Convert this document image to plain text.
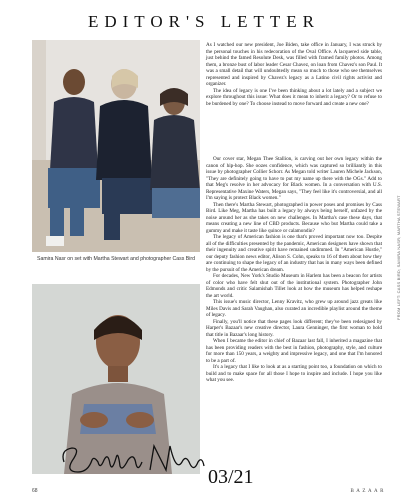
EDITOR'S LETTER
Samira Nasr on set with Martha Stewart and photographer Cass Bird

As I watched our new president, Joe Biden, take office in January, I was struck by the personal touches in his redecoration of the Oval Office. A lacquered side table, just behind the famed Resolute Desk, was filled with framed family photos. Among them, a bronze bust of labor leader Cesar Chavez, on loan from Chavez's son Paul. It was a small detail that will undoubtedly mean so much to those who see themselves represented and inspired by Chavez's legacy as a Latino civil rights activist and organizer.

The idea of legacy is one I've been thinking about a lot lately and a subject we explore throughout this issue: What does it mean to inherit a legacy? Or to refuse to be burdened by one? To choose instead to move forward and create a new one?

Our cover star, Megan Thee Stallion, is carving out her own legacy within the canon of hip-hop. She oozes confidence, which was captured so brilliantly in this issue by photographer Collier Schorr. As Megan told writer Lauren Michele Jackson, "They are definitely going to have to put my name up there with the OGs." Add to that Meg's resolve in her advocacy for Black women. In a conversation with U.S. Representative Maxine Waters, Megan says, "They feel like it's controversial, and all I'm saying is protect Black women."

Then there's Martha Stewart, photographed in power poses and promises by Cass Bird. Like Meg, Martha has built a legacy by always being herself, unfazed by the noise around her as she takes on new challenges. In Martha's case these days, that means creating a new line of CBD products. Because who but Martha could take a gummy and make it taste like quince or calamondin?

The legacy of American fashion is one that's proved important now too. Despite all of the difficulties presented by the pandemic, American designers have shown that their ingenuity and creative spirit have remained undimmed. In "American Hustle," our deputy fashion news editor, Alison S. Cohn, speaks to 16 of them about how they are continuing to shape the legacy of an industry that has in many ways been defined by the pursuit of the American dream.

For decades, New York's Studio Museum in Harlem has been a beacon for artists of color who have felt shut out of the institutional system. Photographer John Edmonds and critic Salamishah Tillet look at how the museum has helped reshape the art world.

This issue's music director, Lenny Kravitz, who grew up around jazz greats like Miles Davis and Sarah Vaughan, also curated an incredible playlist around the theme of legacy.

Finally, you'll notice that these pages look different; they've been redesigned by Harper's Bazaar's new creative director, Laura Genninger, the first woman to hold that title in Bazaar's long history.

When I became the editor in chief of Bazaar last fall, I inherited a magazine that has been providing readers with the best in fashion, photography, style, and culture for more than 150 years, a weighty and impressive legacy, and one that I'm honored to be a part of.

It's a legacy that I like to look at as a starting point too, a foundation on which to build and to make space for all those I hope to inspire and include. I hope you like what you see.

FROM LEFT: CASS BIRD; SAMIRA NASR; MARTHA STEWART
03/21
68	BAZAAR
